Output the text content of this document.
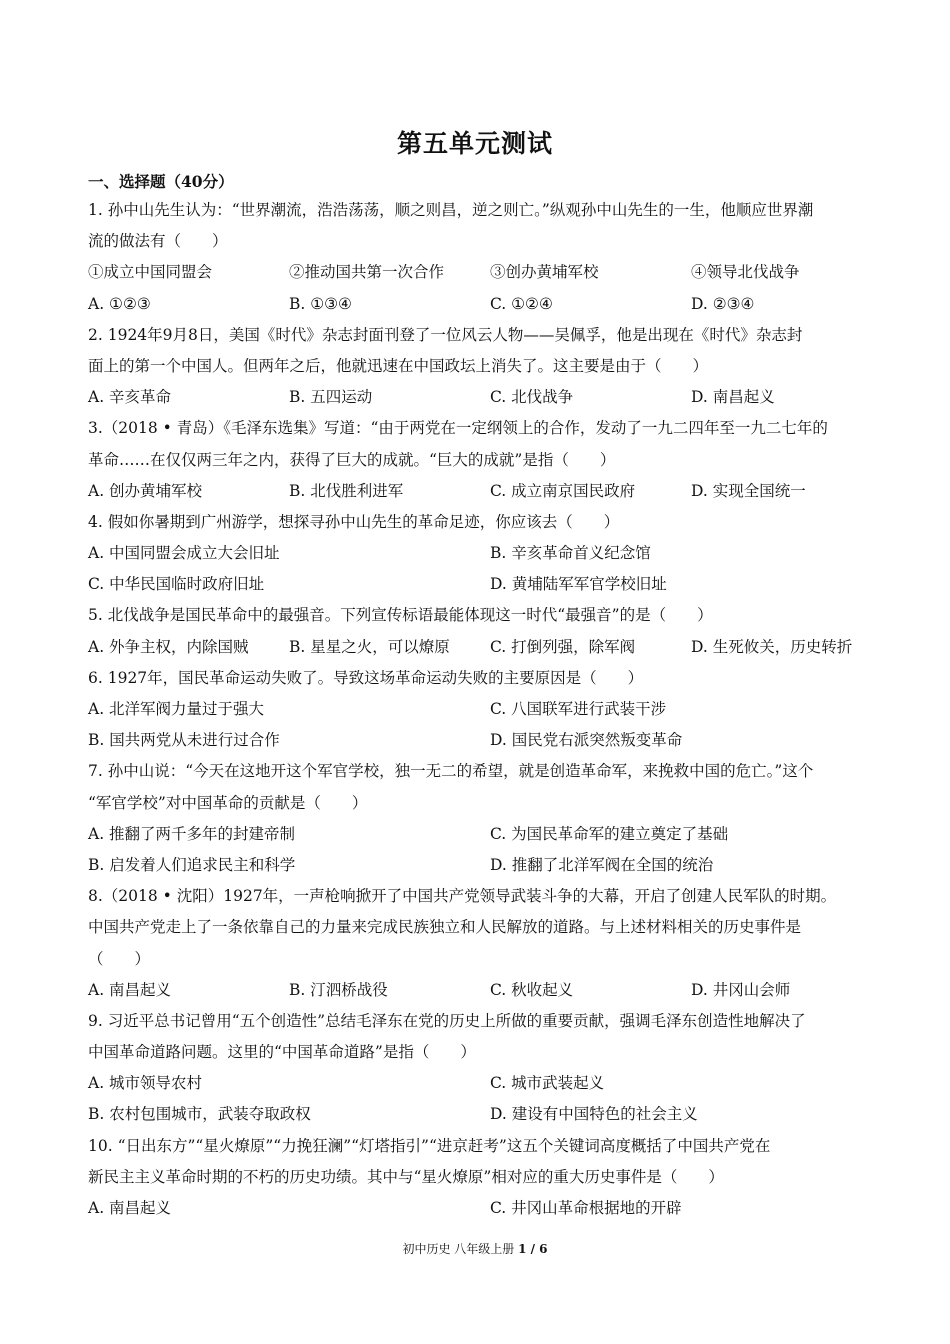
第五单元测试
一、选择题（40分）
1. 孙中山先生认为：“世界潮流，浩浩荡荡，顺之则昌，逆之则亡。”纵观孙中山先生的一生，他顺应世界潮
流的做法有（　　）
①成立中国同盟会	②推动国共第一次合作	③创办黄埔军校	④领导北伐战争
A. ①②③	B. ①③④	C. ①②④	D. ②③④
2. 1924年9月8日，美国《时代》杂志封面刊登了一位风云人物——吴佩孚，他是出现在《时代》杂志封
面上的第一个中国人。但两年之后，他就迅速在中国政坛上消失了。这主要是由于（　　）
A. 辛亥革命	B. 五四运动	C. 北伐战争	D. 南昌起义
3.（2018 • 青岛）《毛泽东选集》写道：“由于两党在一定纲领上的合作，发动了一九二四年至一九二七年的
革命……在仅仅两三年之内，获得了巨大的成就。“巨大的成就”是指（　　）
A. 创办黄埔军校	B. 北伐胜利进军	C. 成立南京国民政府	D. 实现全国统一
4. 假如你暑期到广州游学，想探寻孙中山先生的革命足迹，你应该去（　　）
A. 中国同盟会成立大会旧址	B. 辛亥革命首义纪念馆
C. 中华民国临时政府旧址	D. 黄埔陆军军官学校旧址
5. 北伐战争是国民革命中的最强音。下列宣传标语最能体现这一时代“最强音”的是（　　）
A. 外争主权，内除国贼	B. 星星之火，可以燎原	C. 打倒列强，除军阀	D. 生死攸关，历史转折
6. 1927年，国民革命运动失败了。导致这场革命运动失败的主要原因是（　　）
A. 北洋军阀力量过于强大	C. 八国联军进行武装干涉
B. 国共两党从未进行过合作	D. 国民党右派突然叛变革命
7. 孙中山说：“今天在这地开这个军官学校，独一无二的希望，就是创造革命军，来挽救中国的危亡。”这个
“军官学校”对中国革命的贡献是（　　）
A. 推翻了两千多年的封建帝制	C. 为国民革命军的建立奠定了基础
B. 启发着人们追求民主和科学	D. 推翻了北洋军阀在全国的统治
8.（2018 • 沈阳）1927年，一声枪响掀开了中国共产党领导武装斗争的大幕，开启了创建人民军队的时期。
中国共产党走上了一条依靠自己的力量来完成民族独立和人民解放的道路。与上述材料相关的历史事件是
（　　）
A. 南昌起义	B. 汀泗桥战役	C. 秋收起义	D. 井冈山会师
9. 习近平总书记曾用“五个创造性”总结毛泽东在党的历史上所做的重要贡献，强调毛泽东创造性地解决了
中国革命道路问题。这里的“中国革命道路”是指（　　）
A. 城市领导农村	C. 城市武装起义
B. 农村包围城市，武装夺取政权	D. 建设有中国特色的社会主义
10. “日出东方”“星火燎原”“力挽狂澜”“灯塔指引”“进京赶考”这五个关键词高度概括了中国共产党在
新民主主义革命时期的不朽的历史功绩。其中与“星火燎原”相对应的重大历史事件是（　　）
A. 南昌起义	C. 井冈山革命根据地的开辟
初中历史 八年级上册 1 / 6
